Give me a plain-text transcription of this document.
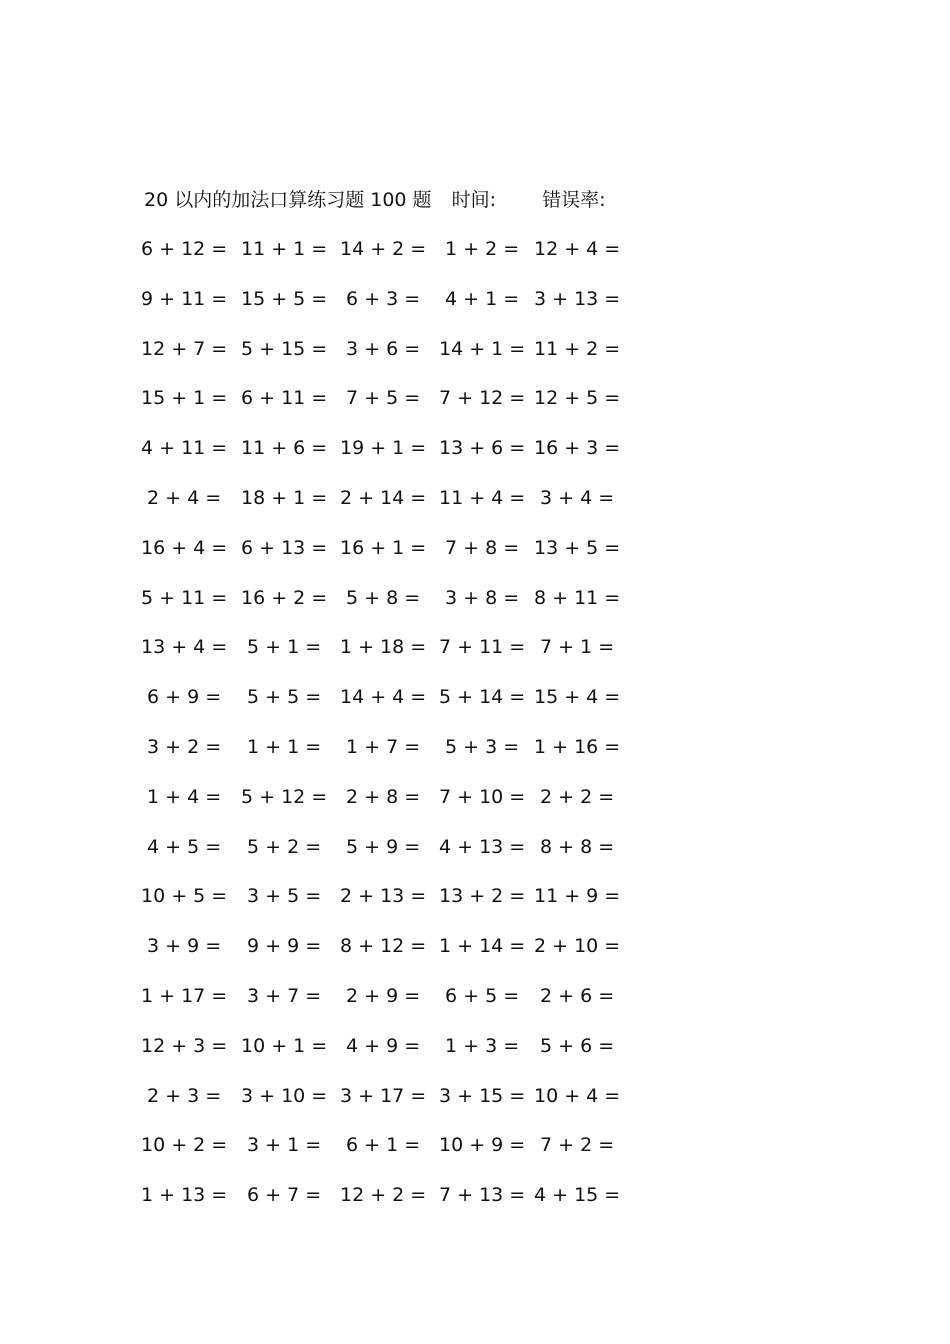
20 以内的加法口算练习题 100 题 时间: 错误率:
6 + 12 = 11 + 1 = 14 + 2 = 1 + 2 = 12 + 4 =
9 + 11 = 15 + 5 = 6 + 3 = 4 + 1 = 3 + 13 =
12 + 7 = 5 + 15 = 3 + 6 = 14 + 1 = 11 + 2 =
15 + 1 = 6 + 11 = 7 + 5 = 7 + 12 = 12 + 5 =
4 + 11 = 11 + 6 = 19 + 1 = 13 + 6 = 16 + 3 =
2 + 4 = 18 + 1 = 2 + 14 = 11 + 4 = 3 + 4 =
16 + 4 = 6 + 13 = 16 + 1 = 7 + 8 = 13 + 5 =
5 + 11 = 16 + 2 = 5 + 8 = 3 + 8 = 8 + 11 =
13 + 4 = 5 + 1 = 1 + 18 = 7 + 11 = 7 + 1 =
6 + 9 = 5 + 5 = 14 + 4 = 5 + 14 = 15 + 4 =
3 + 2 = 1 + 1 = 1 + 7 = 5 + 3 = 1 + 16 =
1 + 4 = 5 + 12 = 2 + 8 = 7 + 10 = 2 + 2 =
4 + 5 = 5 + 2 = 5 + 9 = 4 + 13 = 8 + 8 =
10 + 5 = 3 + 5 = 2 + 13 = 13 + 2 = 11 + 9 =
3 + 9 = 9 + 9 = 8 + 12 = 1 + 14 = 2 + 10 =
1 + 17 = 3 + 7 = 2 + 9 = 6 + 5 = 2 + 6 =
12 + 3 = 10 + 1 = 4 + 9 = 1 + 3 = 5 + 6 =
2 + 3 = 3 + 10 = 3 + 17 = 3 + 15 = 10 + 4 =
10 + 2 = 3 + 1 = 6 + 1 = 10 + 9 = 7 + 2 =
1 + 13 = 6 + 7 = 12 + 2 = 7 + 13 = 4 + 15 =
